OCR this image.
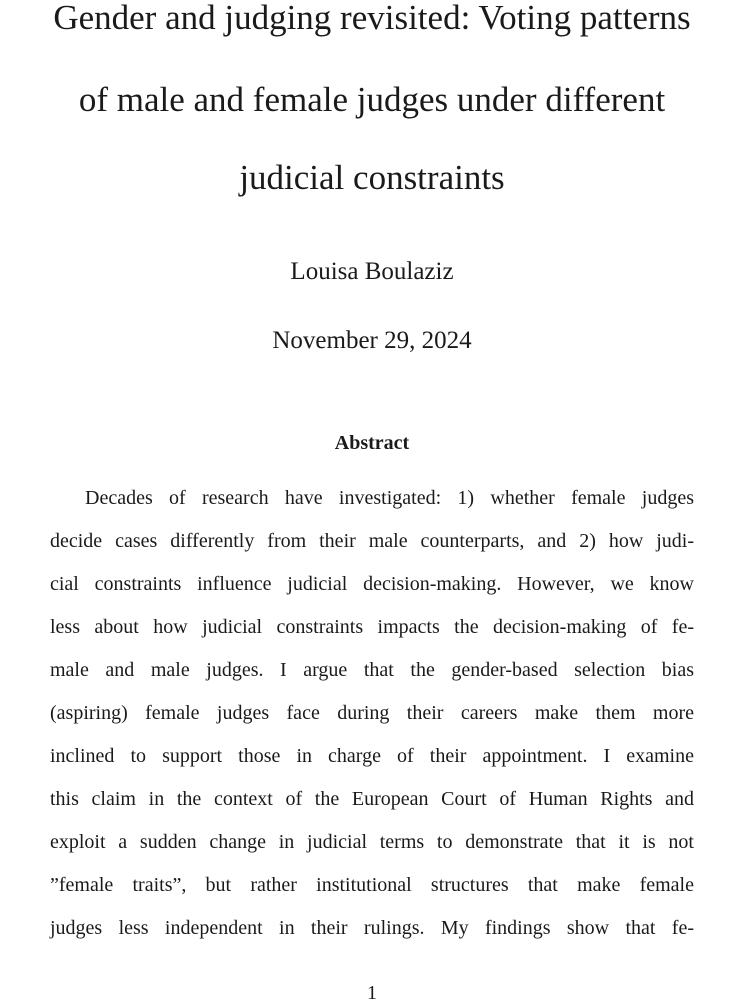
Gender and judging revisited: Voting patterns
of male and female judges under different
judicial constraints
Louisa Boulaziz
November 29, 2024
Abstract
Decades of research have investigated: 1) whether female judges
decide cases differently from their male counterparts, and 2) how judi-
cial constraints influence judicial decision-making. However, we know
less about how judicial constraints impacts the decision-making of fe-
male and male judges. I argue that the gender-based selection bias
(aspiring) female judges face during their careers make them more
inclined to support those in charge of their appointment. I examine
this claim in the context of the European Court of Human Rights and
exploit a sudden change in judicial terms to demonstrate that it is not
”female traits”, but rather institutional structures that make female
judges less independent in their rulings. My findings show that fe-
1
